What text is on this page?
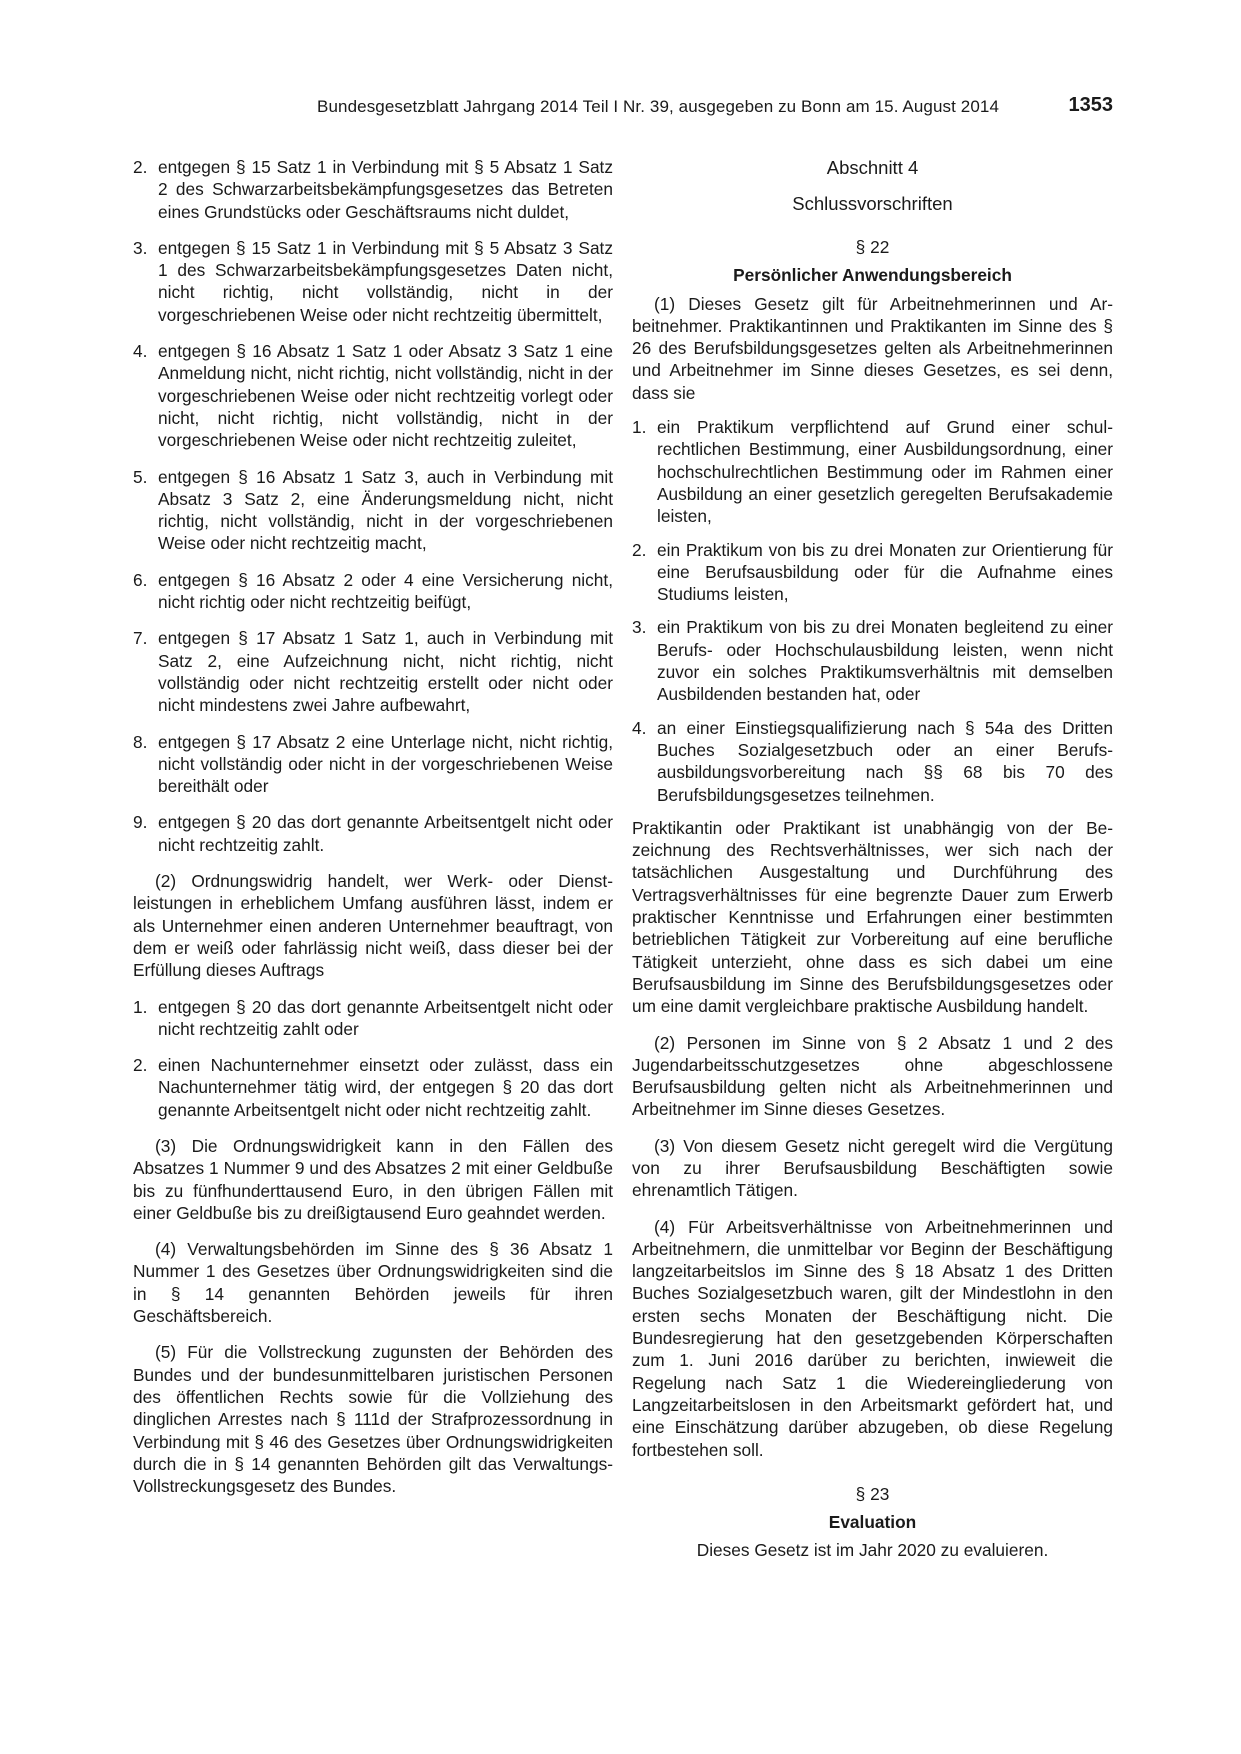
Bundesgesetzblatt Jahrgang 2014 Teil I Nr. 39, ausgegeben zu Bonn am 15. August 2014	1353
2. entgegen § 15 Satz 1 in Verbindung mit § 5 Absatz 1 Satz 2 des Schwarzarbeitsbekämpfungsgesetzes das Betreten eines Grundstücks oder Geschäftsraums nicht duldet,
3. entgegen § 15 Satz 1 in Verbindung mit § 5 Absatz 3 Satz 1 des Schwarzarbeitsbekämpfungsgesetzes Daten nicht, nicht richtig, nicht vollständig, nicht in der vorgeschriebenen Weise oder nicht rechtzeitig übermittelt,
4. entgegen § 16 Absatz 1 Satz 1 oder Absatz 3 Satz 1 eine Anmeldung nicht, nicht richtig, nicht vollständig, nicht in der vorgeschriebenen Weise oder nicht rechtzeitig vorlegt oder nicht, nicht richtig, nicht vollständig, nicht in der vorgeschriebenen Weise oder nicht rechtzeitig zuleitet,
5. entgegen § 16 Absatz 1 Satz 3, auch in Verbindung mit Absatz 3 Satz 2, eine Änderungsmeldung nicht, nicht richtig, nicht vollständig, nicht in der vorgeschriebenen Weise oder nicht rechtzeitig macht,
6. entgegen § 16 Absatz 2 oder 4 eine Versicherung nicht, nicht richtig oder nicht rechtzeitig beifügt,
7. entgegen § 17 Absatz 1 Satz 1, auch in Verbindung mit Satz 2, eine Aufzeichnung nicht, nicht richtig, nicht vollständig oder nicht rechtzeitig erstellt oder nicht oder nicht mindestens zwei Jahre aufbewahrt,
8. entgegen § 17 Absatz 2 eine Unterlage nicht, nicht richtig, nicht vollständig oder nicht in der vorgeschriebenen Weise bereithält oder
9. entgegen § 20 das dort genannte Arbeitsentgelt nicht oder nicht rechtzeitig zahlt.

(2) Ordnungswidrig handelt, wer Werk- oder Dienstleistungen in erheblichem Umfang ausführen lässt, indem er als Unternehmer einen anderen Unternehmer beauftragt, von dem er weiß oder fahrlässig nicht weiß, dass dieser bei der Erfüllung dieses Auftrags

1. entgegen § 20 das dort genannte Arbeitsentgelt nicht oder nicht rechtzeitig zahlt oder
2. einen Nachunternehmer einsetzt oder zulässt, dass ein Nachunternehmer tätig wird, der entgegen § 20 das dort genannte Arbeitsentgelt nicht oder nicht rechtzeitig zahlt.

(3) Die Ordnungswidrigkeit kann in den Fällen des Absatzes 1 Nummer 9 und des Absatzes 2 mit einer Geldbuße bis zu fünfhunderttausend Euro, in den übrigen Fällen mit einer Geldbuße bis zu dreißigtausend Euro geahndet werden.

(4) Verwaltungsbehörden im Sinne des § 36 Absatz 1 Nummer 1 des Gesetzes über Ordnungswidrigkeiten sind die in § 14 genannten Behörden jeweils für ihren Geschäftsbereich.

(5) Für die Vollstreckung zugunsten der Behörden des Bundes und der bundesunmittelbaren juristischen Personen des öffentlichen Rechts sowie für die Vollziehung des dinglichen Arrestes nach § 111d der Strafprozessordnung in Verbindung mit § 46 des Gesetzes über Ordnungswidrigkeiten durch die in § 14 genannten Behörden gilt das Verwaltungs-Vollstreckungsgesetz des Bundes.

Abschnitt 4
Schlussvorschriften
§ 22
Persönlicher Anwendungsbereich

(1) Dieses Gesetz gilt für Arbeitnehmerinnen und Arbeitnehmer. Praktikantinnen und Praktikanten im Sinne des § 26 des Berufsbildungsgesetzes gelten als Arbeitnehmerinnen und Arbeitnehmer im Sinne dieses Gesetzes, es sei denn, dass sie

1. ein Praktikum verpflichtend auf Grund einer schulrechtlichen Bestimmung, einer Ausbildungsordnung, einer hochschulrechtlichen Bestimmung oder im Rahmen einer Ausbildung an einer gesetzlich geregelten Berufsakademie leisten,
2. ein Praktikum von bis zu drei Monaten zur Orientierung für eine Berufsausbildung oder für die Aufnahme eines Studiums leisten,
3. ein Praktikum von bis zu drei Monaten begleitend zu einer Berufs- oder Hochschulausbildung leisten, wenn nicht zuvor ein solches Praktikumsverhältnis mit demselben Ausbildenden bestanden hat, oder
4. an einer Einstiegsqualifizierung nach § 54a des Dritten Buches Sozialgesetzbuch oder an einer Berufsausbildungsvorbereitung nach §§ 68 bis 70 des Berufsbildungsgesetzes teilnehmen.

Praktikantin oder Praktikant ist unabhängig von der Bezeichnung des Rechtsverhältnisses, wer sich nach der tatsächlichen Ausgestaltung und Durchführung des Vertragsverhältnisses für eine begrenzte Dauer zum Erwerb praktischer Kenntnisse und Erfahrungen einer bestimmten betrieblichen Tätigkeit zur Vorbereitung auf eine berufliche Tätigkeit unterzieht, ohne dass es sich dabei um eine Berufsausbildung im Sinne des Berufsbildungsgesetzes oder um eine damit vergleichbare praktische Ausbildung handelt.

(2) Personen im Sinne von § 2 Absatz 1 und 2 des Jugendarbeitsschutzgesetzes ohne abgeschlossene Berufsausbildung gelten nicht als Arbeitnehmerinnen und Arbeitnehmer im Sinne dieses Gesetzes.

(3) Von diesem Gesetz nicht geregelt wird die Vergütung von zu ihrer Berufsausbildung Beschäftigten sowie ehrenamtlich Tätigen.

(4) Für Arbeitsverhältnisse von Arbeitnehmerinnen und Arbeitnehmern, die unmittelbar vor Beginn der Beschäftigung langzeitarbeitslos im Sinne des § 18 Absatz 1 des Dritten Buches Sozialgesetzbuch waren, gilt der Mindestlohn in den ersten sechs Monaten der Beschäftigung nicht. Die Bundesregierung hat den gesetzgebenden Körperschaften zum 1. Juni 2016 darüber zu berichten, inwieweit die Regelung nach Satz 1 die Wiedereingliederung von Langzeitarbeitslosen in den Arbeitsmarkt gefördert hat, und eine Einschätzung darüber abzugeben, ob diese Regelung fortbestehen soll.

§ 23
Evaluation
Dieses Gesetz ist im Jahr 2020 zu evaluieren.
